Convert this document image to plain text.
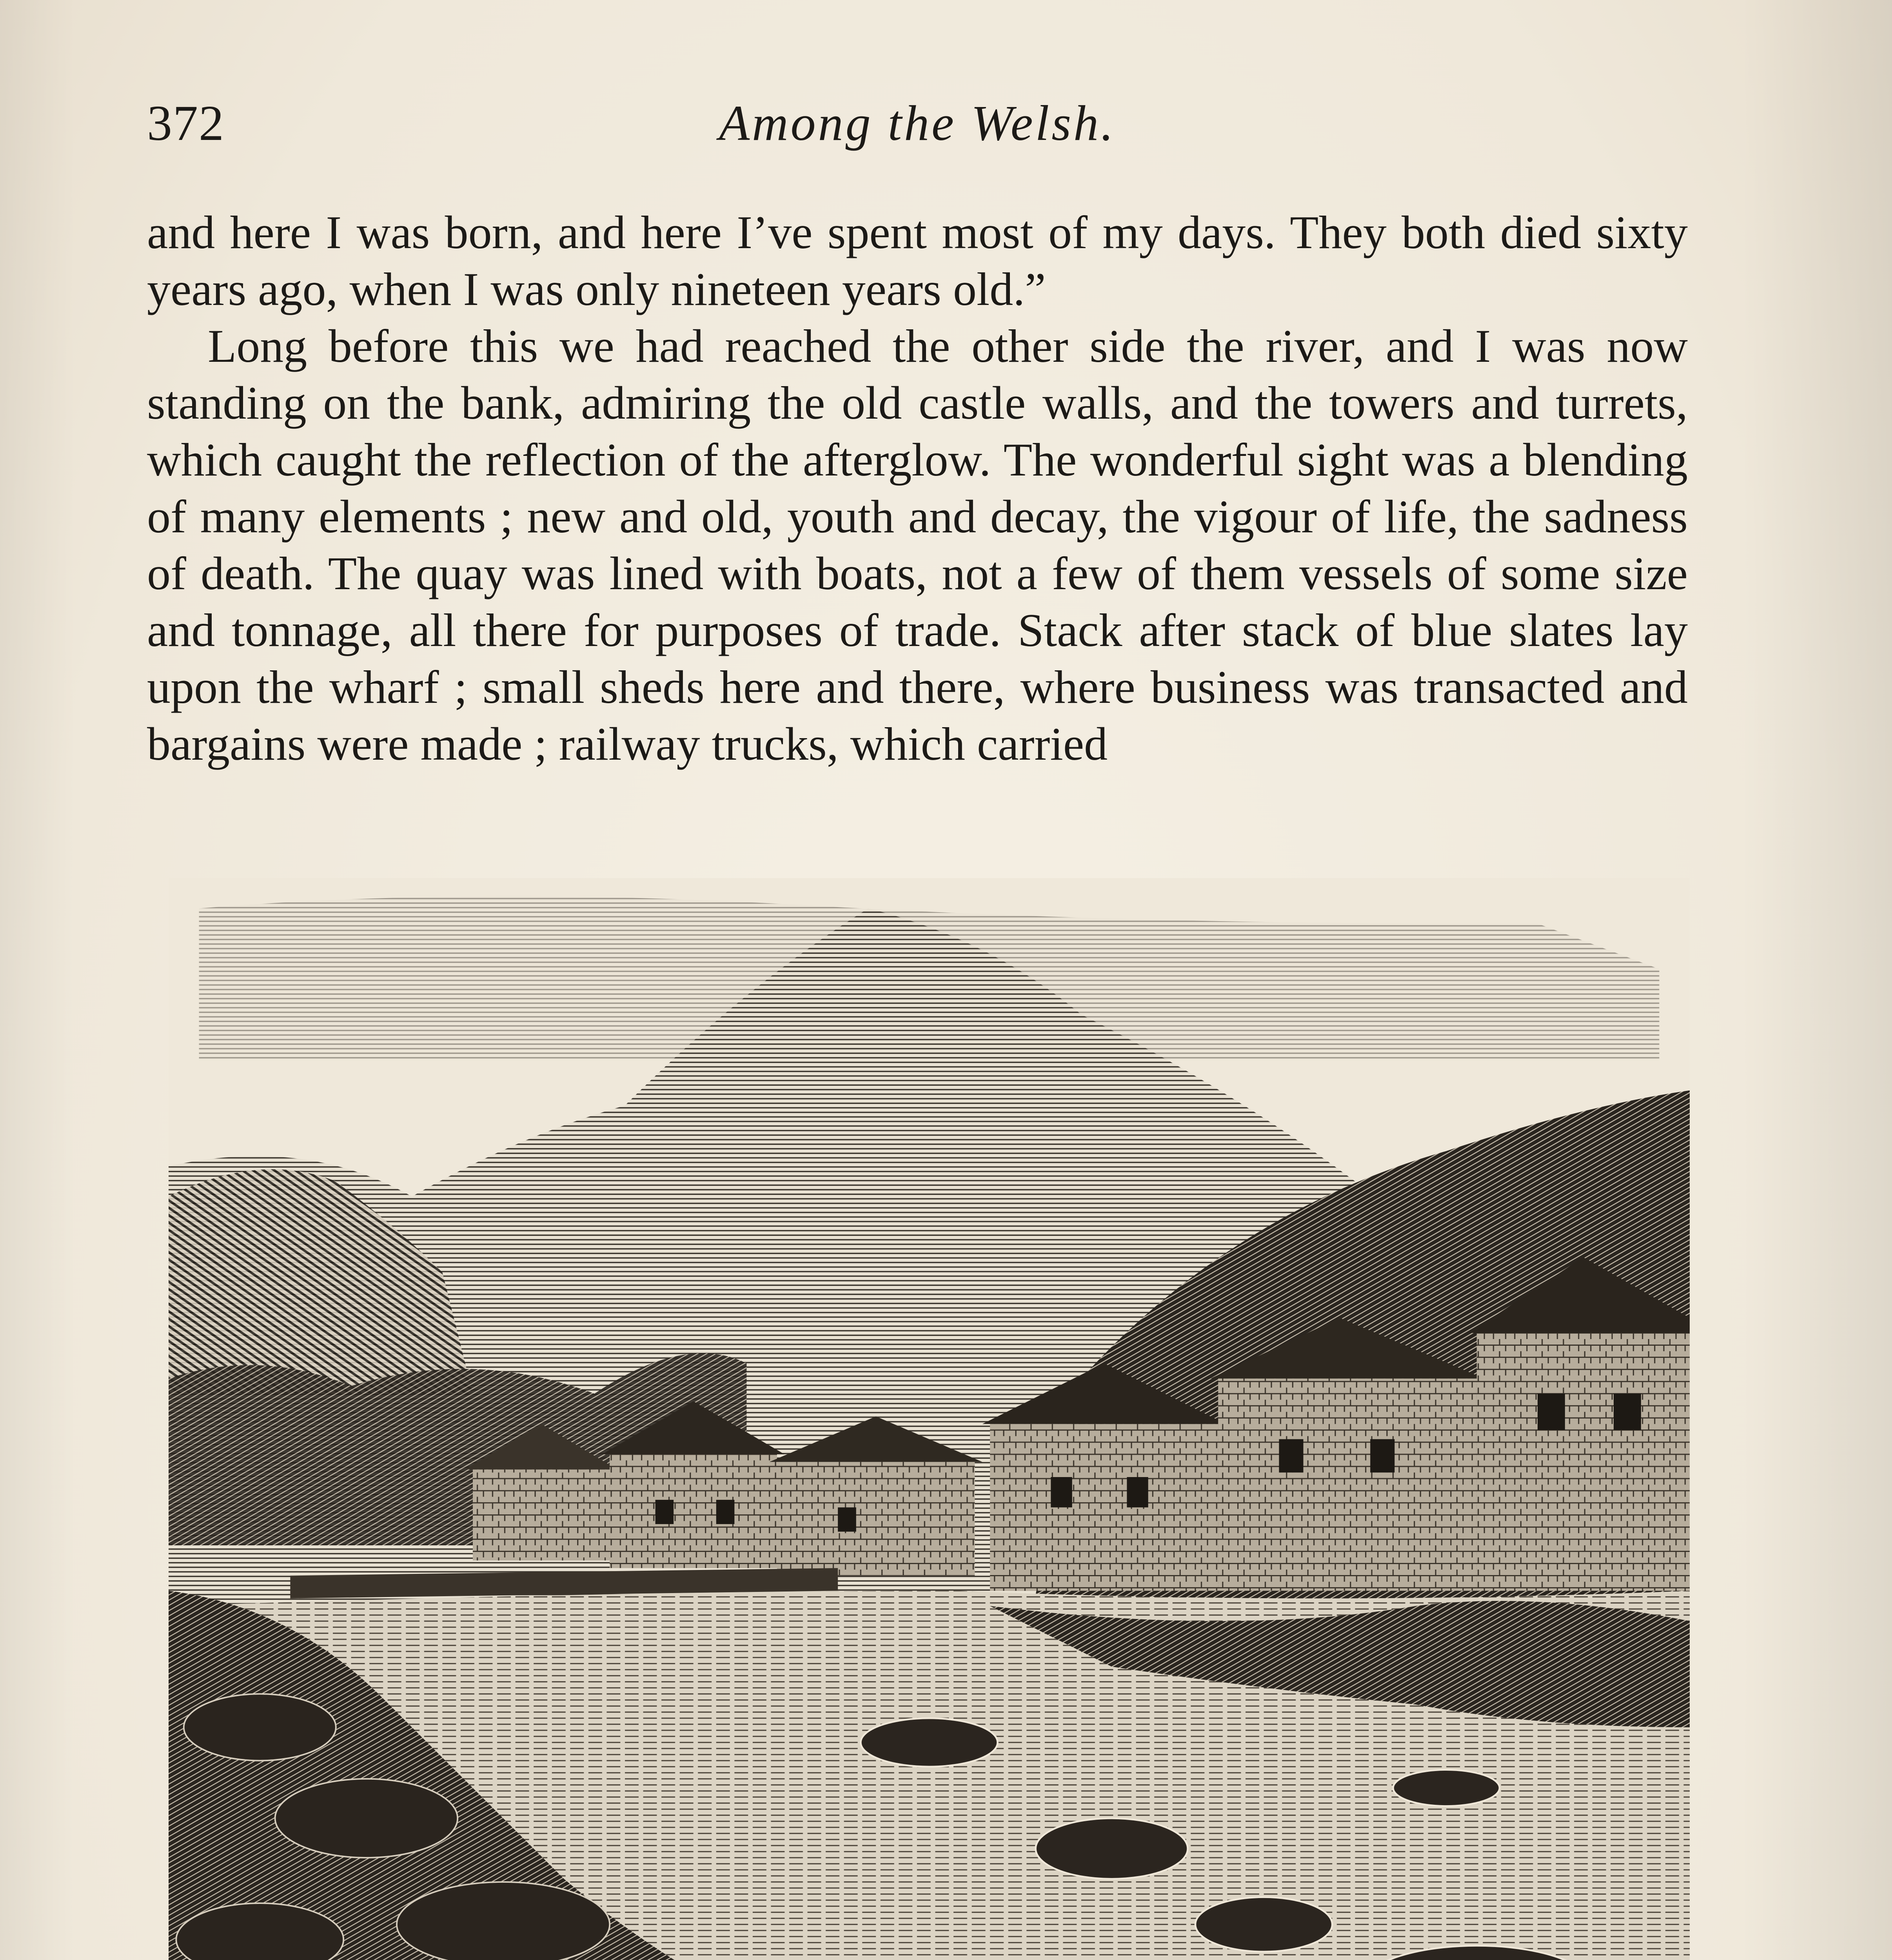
372	Among the Welsh.

and here I was born, and here I’ve spent most of my days. They both died sixty years ago, when I was only nineteen years old.”

Long before this we had reached the other side the river, and I was now standing on the bank, admiring the old castle walls, and the towers and turrets, which caught the reflection of the afterglow. The wonderful sight was a blending of many elements ; new and old, youth and decay, the vigour of life, the sadness of death. The quay was lined with boats, not a few of them vessels of some size and tonnage, all there for purposes of trade. Stack after stack of blue slates lay upon the wharf ; small sheds here and there, where business was transacted and bargains were made ; railway trucks, which carried
